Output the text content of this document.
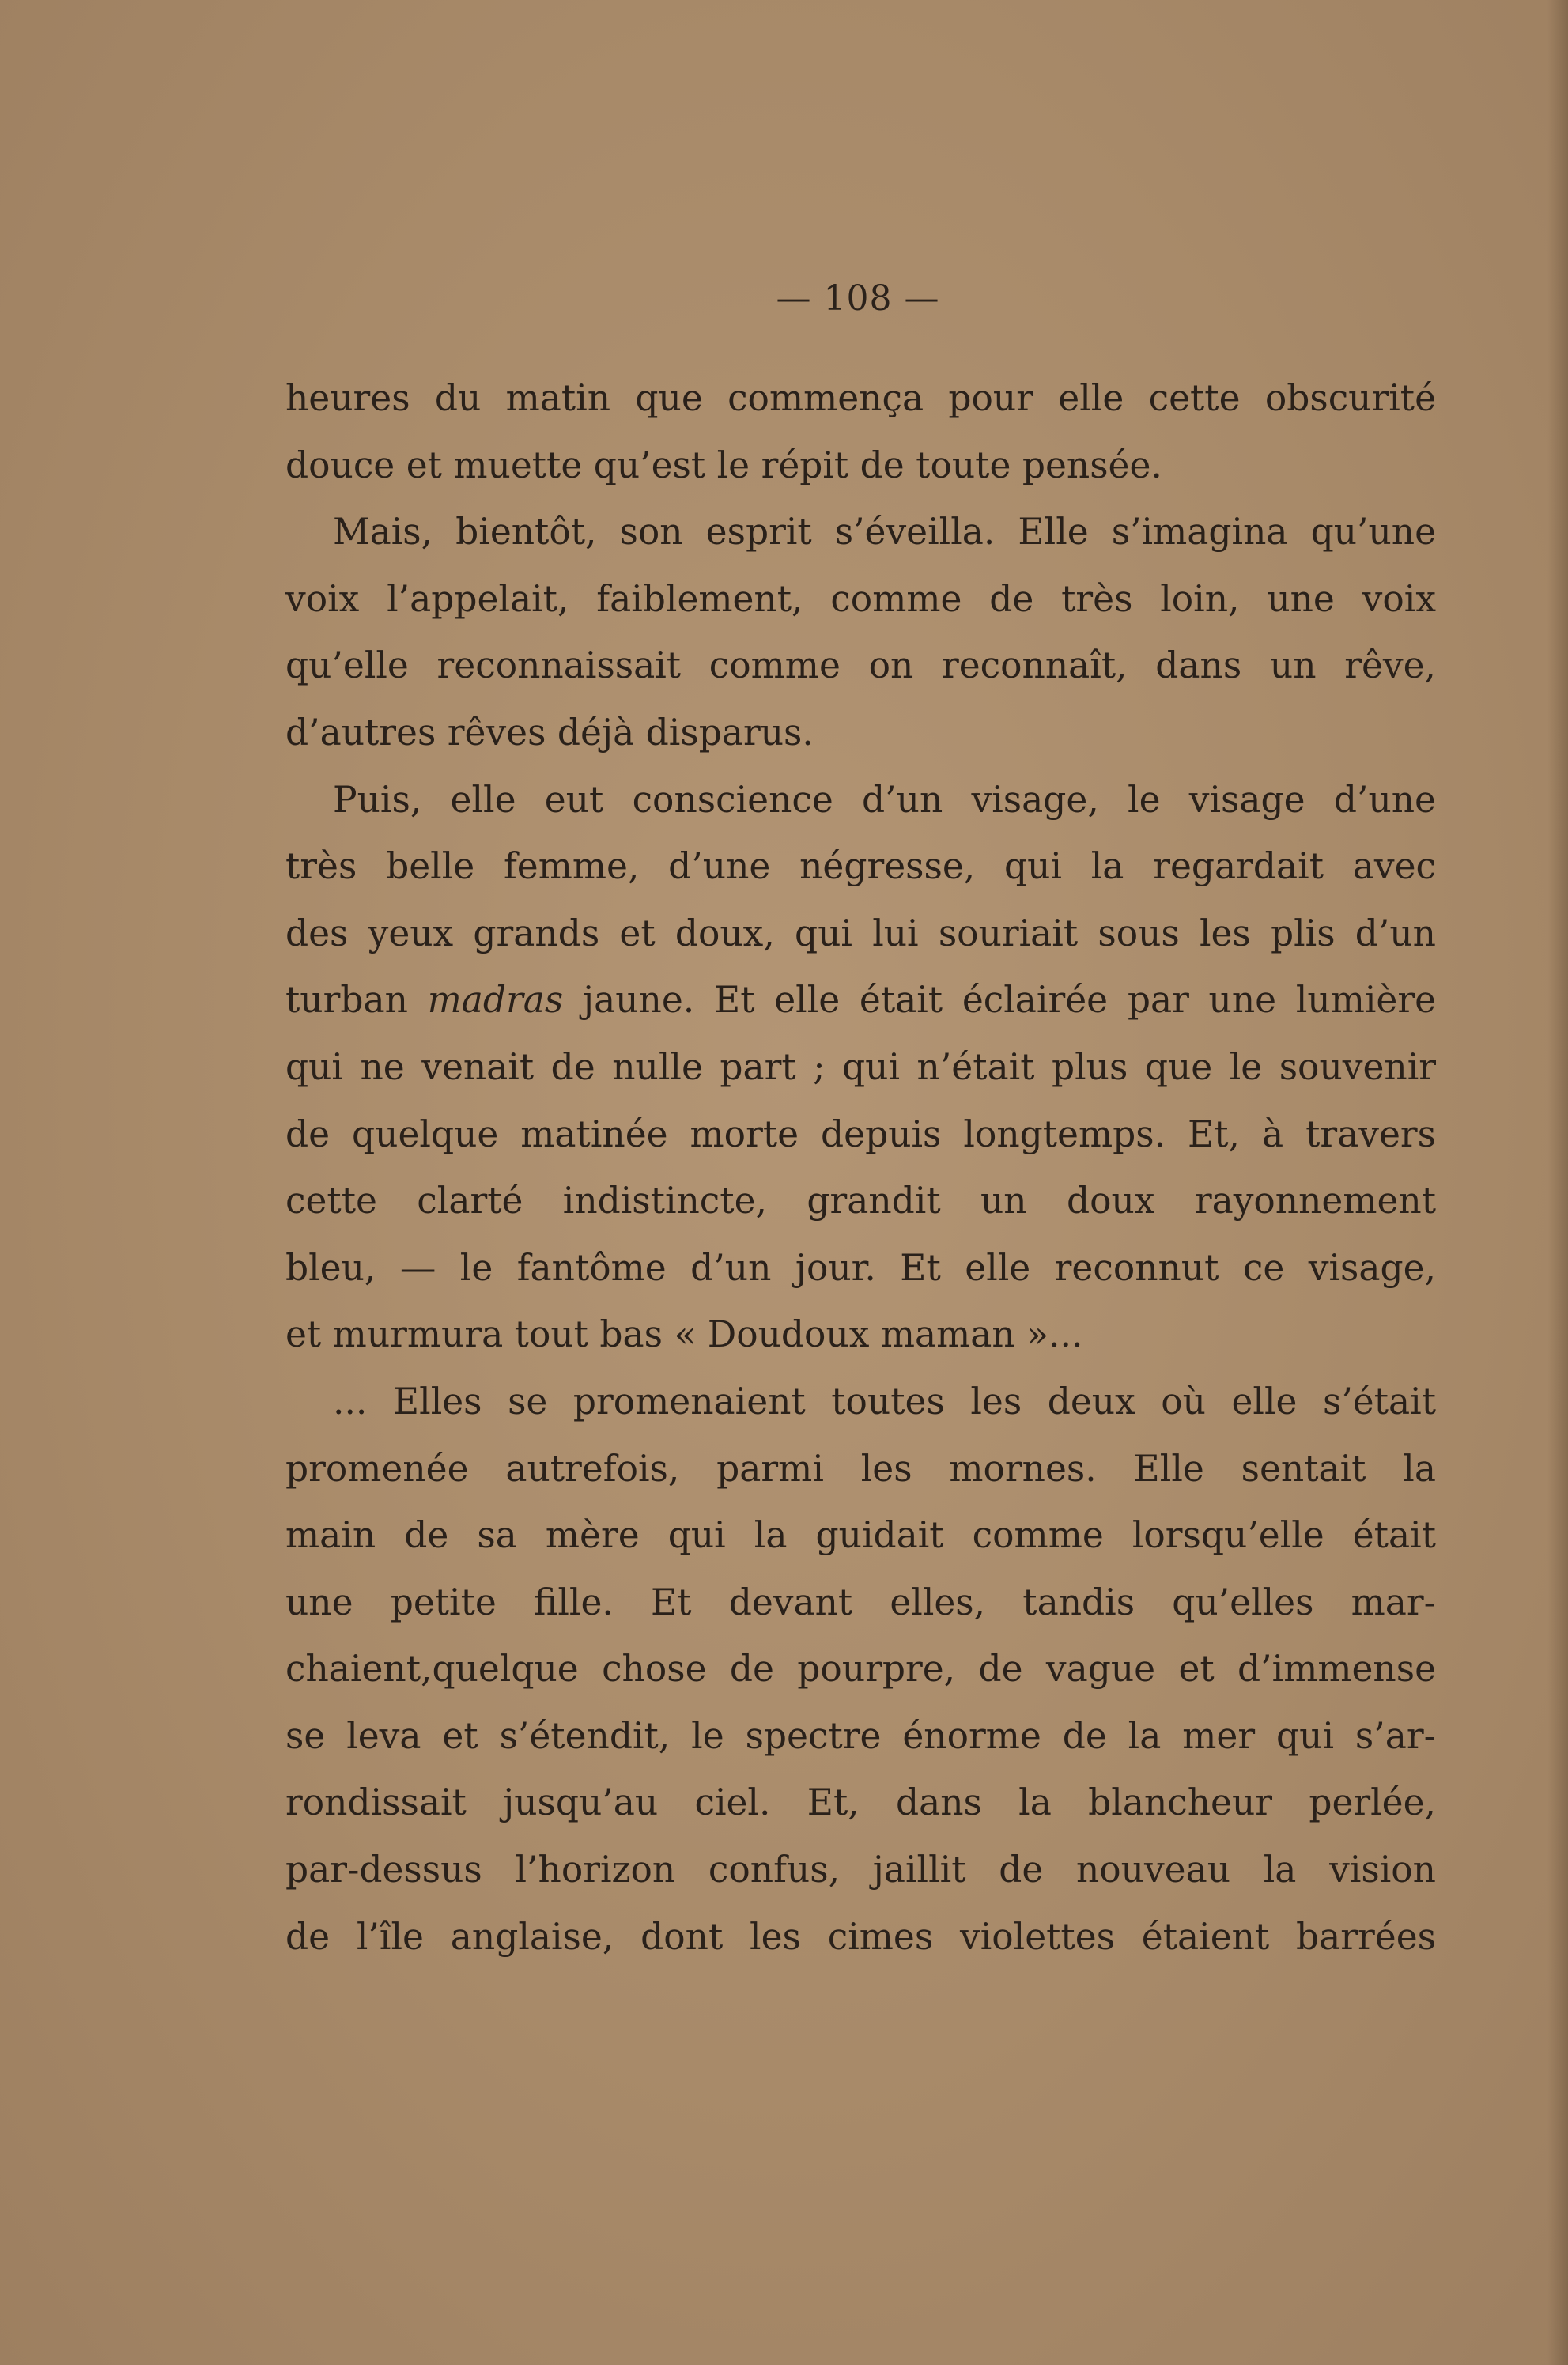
— 108 —

heures du matin que commença pour elle cette obscurité

douce et muette qu’est le répit de toute pensée.

Mais, bientôt, son esprit s’éveilla. Elle s’imagina qu’une

voix l’appelait, faiblement, comme de très loin, une voix

qu’elle reconnaissait comme on reconnaît, dans un rêve,

d’autres rêves déjà disparus.

Puis, elle eut conscience d’un visage, le visage d’une

très belle femme, d’une négresse, qui la regardait avec

des yeux grands et doux, qui lui souriait sous les plis d’un

turban madras jaune. Et elle était éclairée par une lumière

qui ne venait de nulle part ; qui n’était plus que le souvenir

de quelque matinée morte depuis longtemps. Et, à travers

cette clarté indistincte, grandit un doux rayonnement

bleu, — le fantôme d’un jour. Et elle reconnut ce visage,

et murmura tout bas « Doudoux maman »...

... Elles se promenaient toutes les deux où elle s’était

promenée autrefois, parmi les mornes. Elle sentait la

main de sa mère qui la guidait comme lorsqu’elle était

une petite fille. Et devant elles, tandis qu’elles mar-

chaient,quelque chose de pourpre, de vague et d’immense

se leva et s’étendit, le spectre énorme de la mer qui s’ar-

rondissait jusqu’au ciel. Et, dans la blancheur perlée,

par-dessus l’horizon confus, jaillit de nouveau la vision

de l’île anglaise, dont les cimes violettes étaient barrées
